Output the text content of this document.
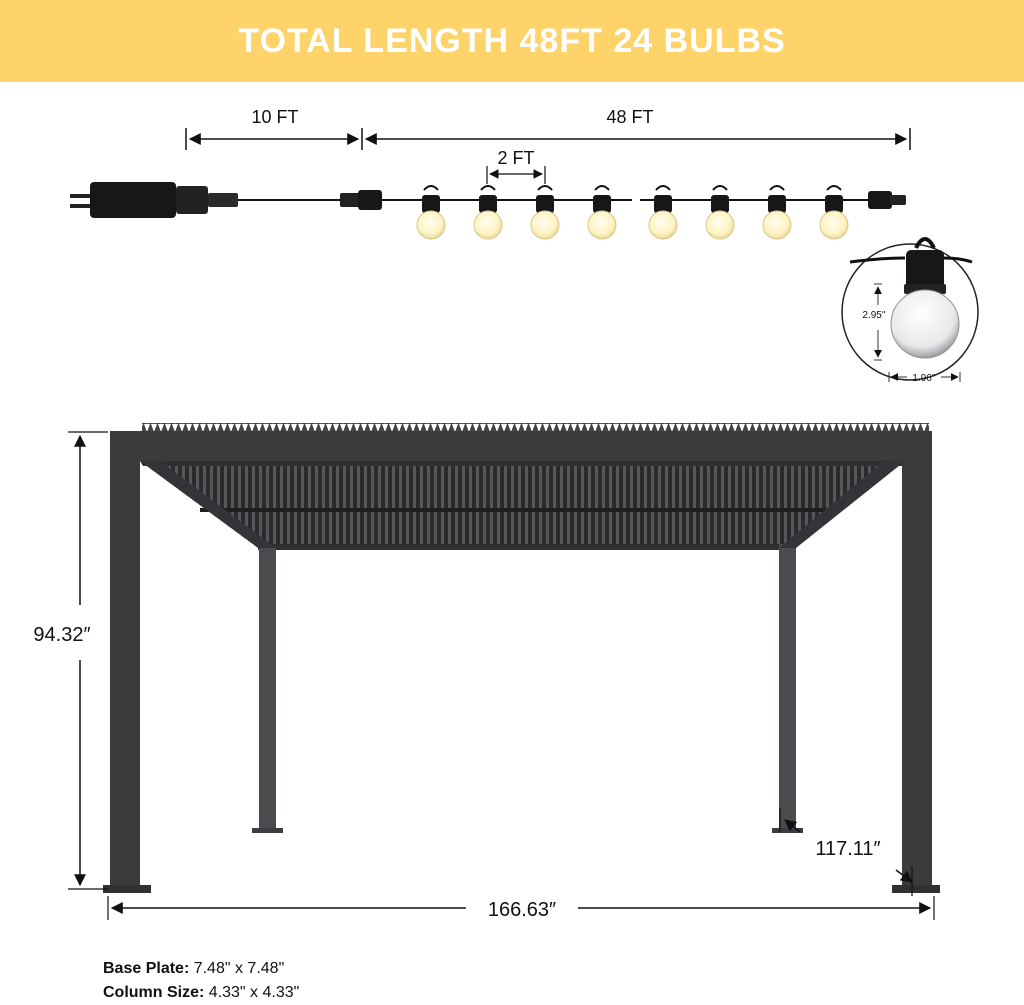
TOTAL LENGTH 48FT 24 BULBS
10 FT	48 FT
2 FT
2.95''
1.96''
94.32″
117.11″
166.63″
Base Plate: 7.48" x 7.48"
Column Size: 4.33" x 4.33"
